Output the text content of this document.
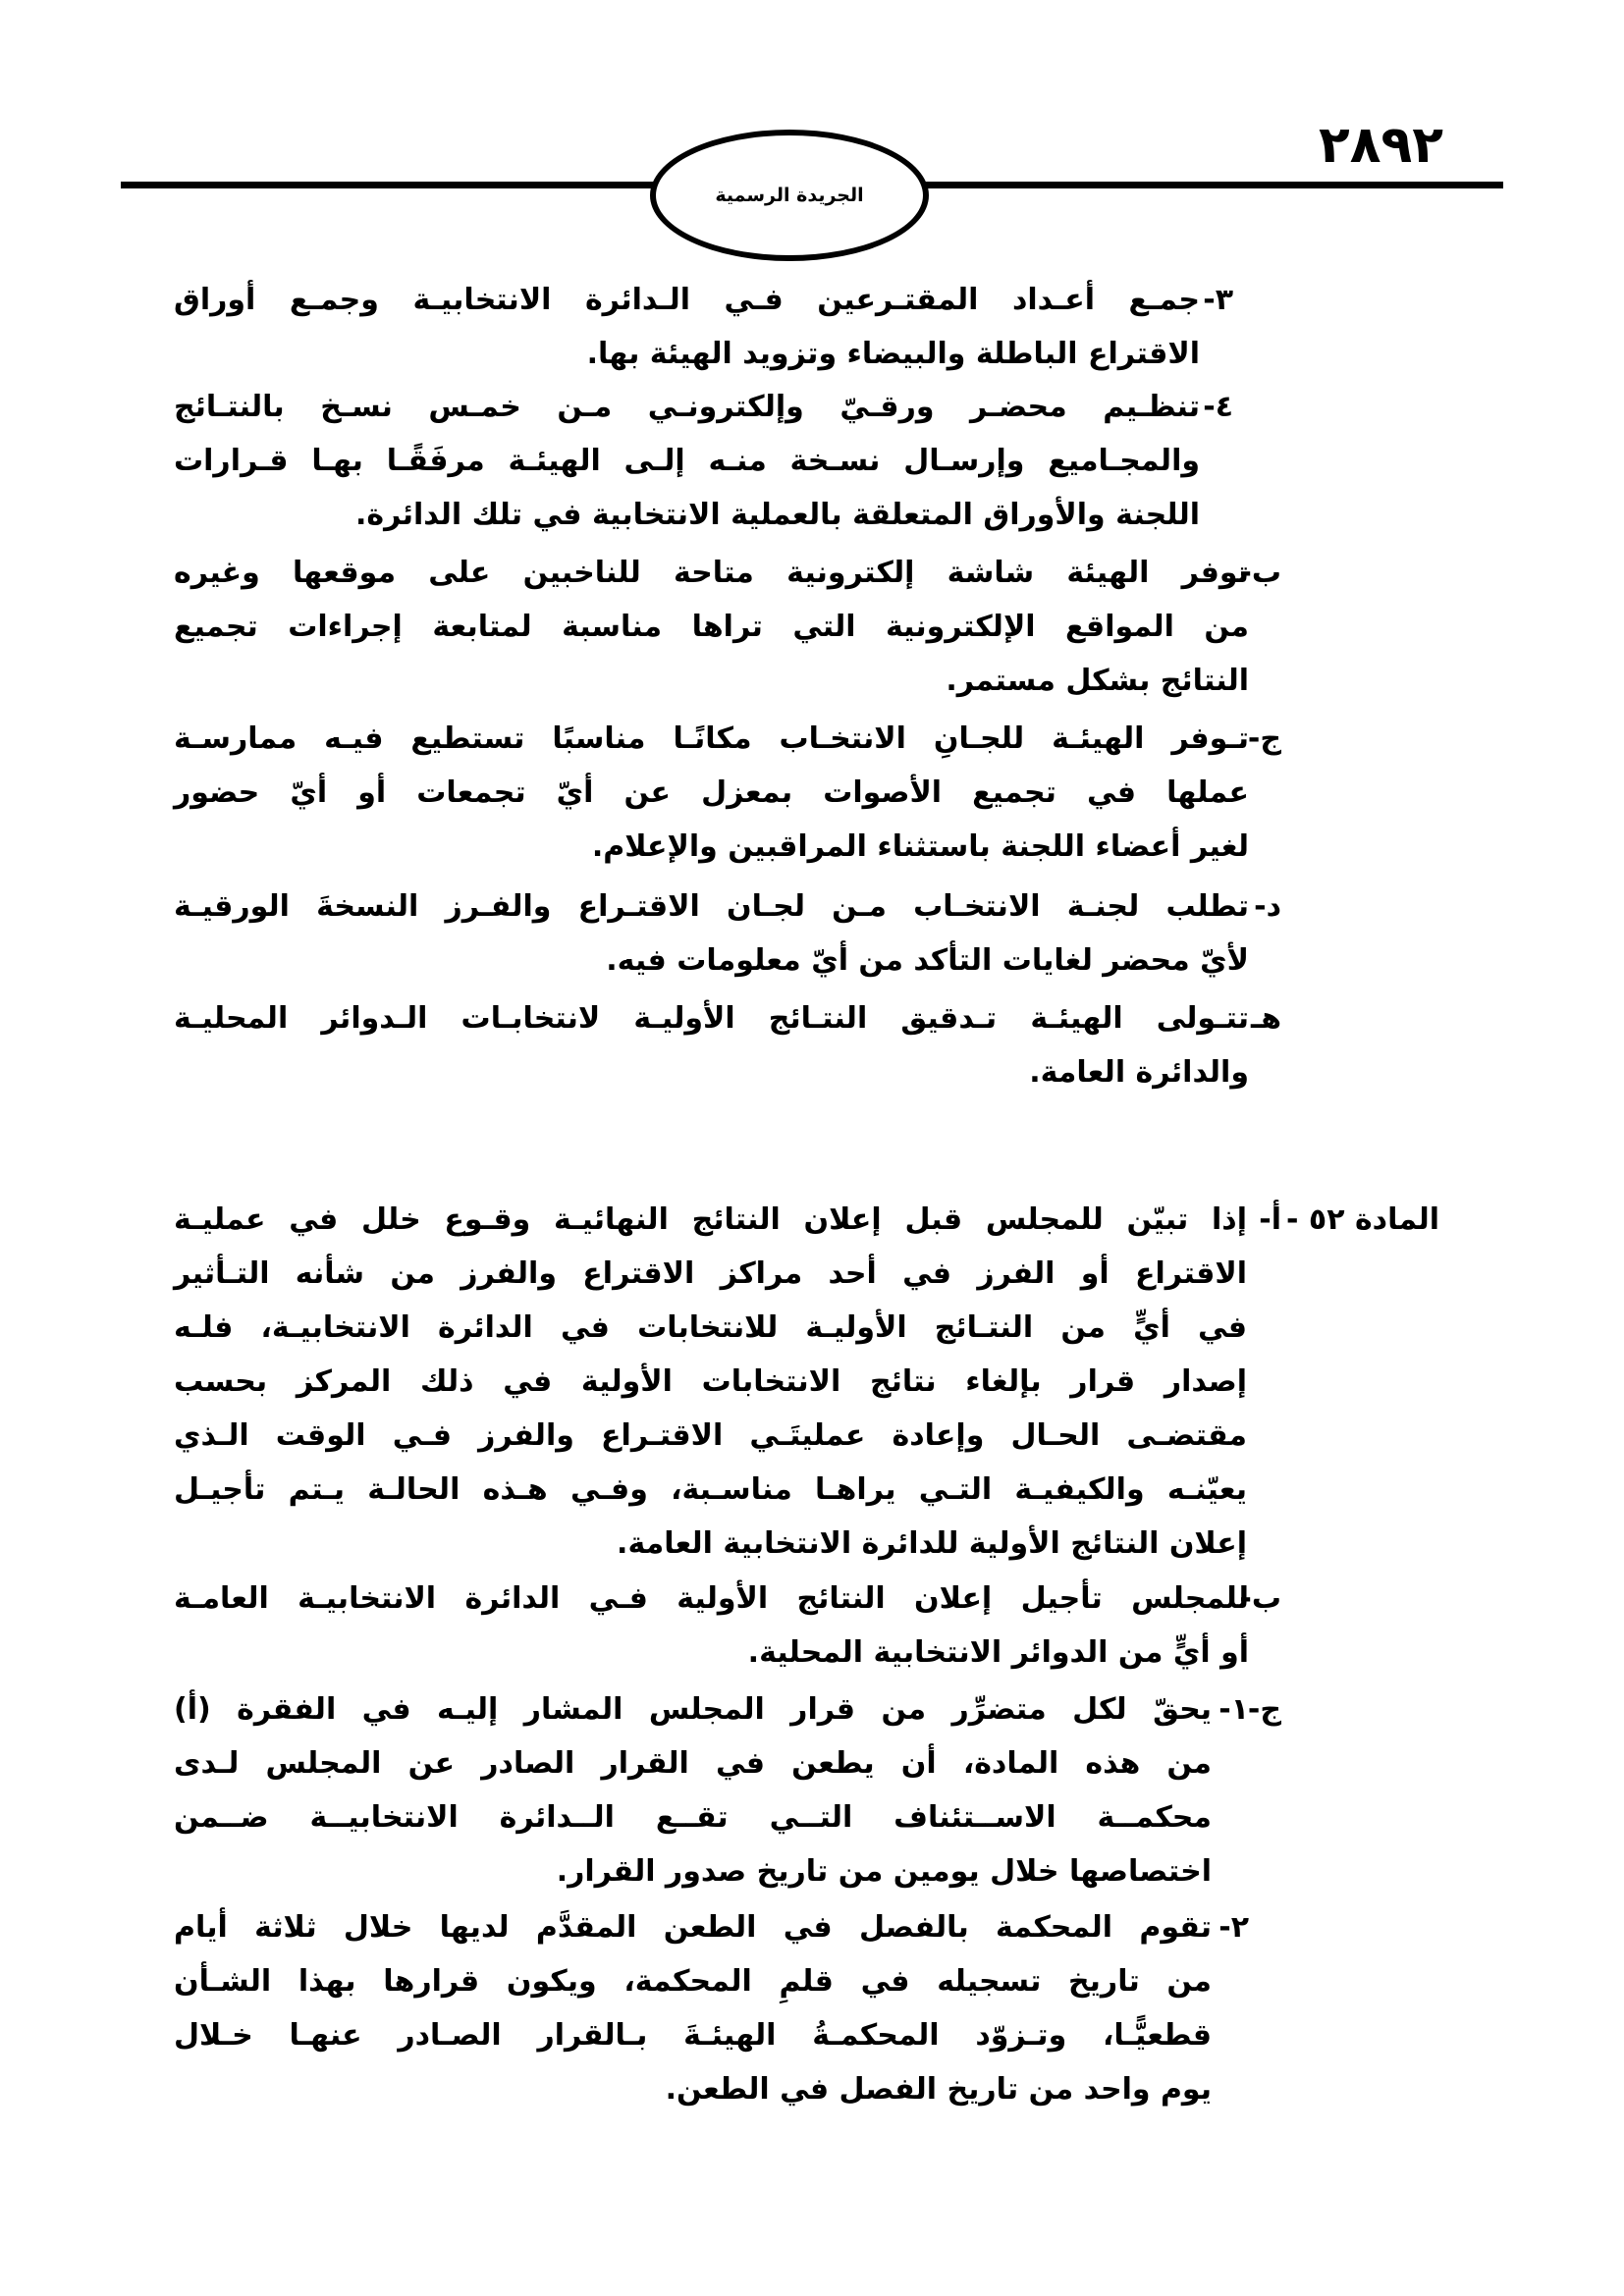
٢٨٩٢
الجريدة الرسمية
٣-
جمـع أعـداد المقتـرعين فـي الـدائرة الانتخابيـة وجمـع أوراق
الاقتراع الباطلة والبيضاء وتزويد الهيئة بها.
٤-
تنظـيم محضـر ورقـيّ وإلكترونـي مـن خمـس نسـخ بالنتـائج
والمجـاميع وإرسـال نسـخة منـه إلـى الهيئـة مرفَقًـا بهـا قـرارات
اللجنة والأوراق المتعلقة بالعملية الانتخابية في تلك الدائرة.
ب-
توفر الهيئة شاشة إلكترونية متاحة للناخبين على موقعها وغيره
من المواقع الإلكترونية التي تراها مناسبة لمتابعة إجراءات تجميع
النتائج بشكل مستمر.
ج-
تـوفر الهيئـة للجـانِ الانتخـاب مكانًـا مناسبًا تستطيع فيـه ممارسـة
عملها في تجميع الأصوات بمعزل عن أيّ تجمعات أو أيّ حضور
لغير أعضاء اللجنة باستثناء المراقبين والإعلام.
د-
تطلب لجنـة الانتخـاب مـن لجـان الاقتـراع والفـرز النسخةَ الورقيـة
لأيّ محضر لغايات التأكد من أيّ معلومات فيه.
هـ
تتـولى الهيئـة تـدقيق النتـائج الأوليـة لانتخابـات الـدوائر المحليـة
والدائرة العامة.
المادة ٥٢ -
أ-
إذا تبيّن للمجلس قبل إعلان النتائج النهائيـة وقـوع خلل في عمليـة
الاقتراع أو الفرز في أحد مراكز الاقتراع والفرز من شأنه التـأثير
في أيٍّ من النتـائج الأوليـة للانتخابات في الدائرة الانتخابيـة، فلـه
إصدار قرار بإلغاء نتائج الانتخابات الأولية في ذلك المركز بحسب
مقتضـى الحـال وإعادة عمليتَـي الاقتـراع والفرز فـي الوقت الـذي
يعيّنـه والكيفيـة التـي يراهـا مناسـبة، وفـي هـذه الحالـة يـتم تأجيـل
إعلان النتائج الأولية للدائرة الانتخابية العامة.
ب-
للمجلس تأجيل إعلان النتائج الأولية فـي الدائرة الانتخابيـة العامـة
أو أيٍّ من الدوائر الانتخابية المحلية.
ج-
١-
يحقّ لكل متضرِّر من قرار المجلس المشار إليـه في الفقرة (أ)
من هذه المادة، أن يطعن في القرار الصادر عن المجلس لـدى
محكمــة الاســتئناف التــي تقــع الــدائرة الانتخابيــة ضــمن
اختصاصها خلال يومين من تاريخ صدور القرار.
٢-
تقوم المحكمة بالفصل في الطعن المقدَّم لديها خلال ثلاثة أيام
من تاريخ تسجيله في قلمِ المحكمة، ويكون قرارها بهذا الشـأن
قطعيًّـا، وتـزوّد المحكمـةُ الهيئـةَ بـالقرار الصـادر عنهـا خـلال
يوم واحد من تاريخ الفصل في الطعن.
